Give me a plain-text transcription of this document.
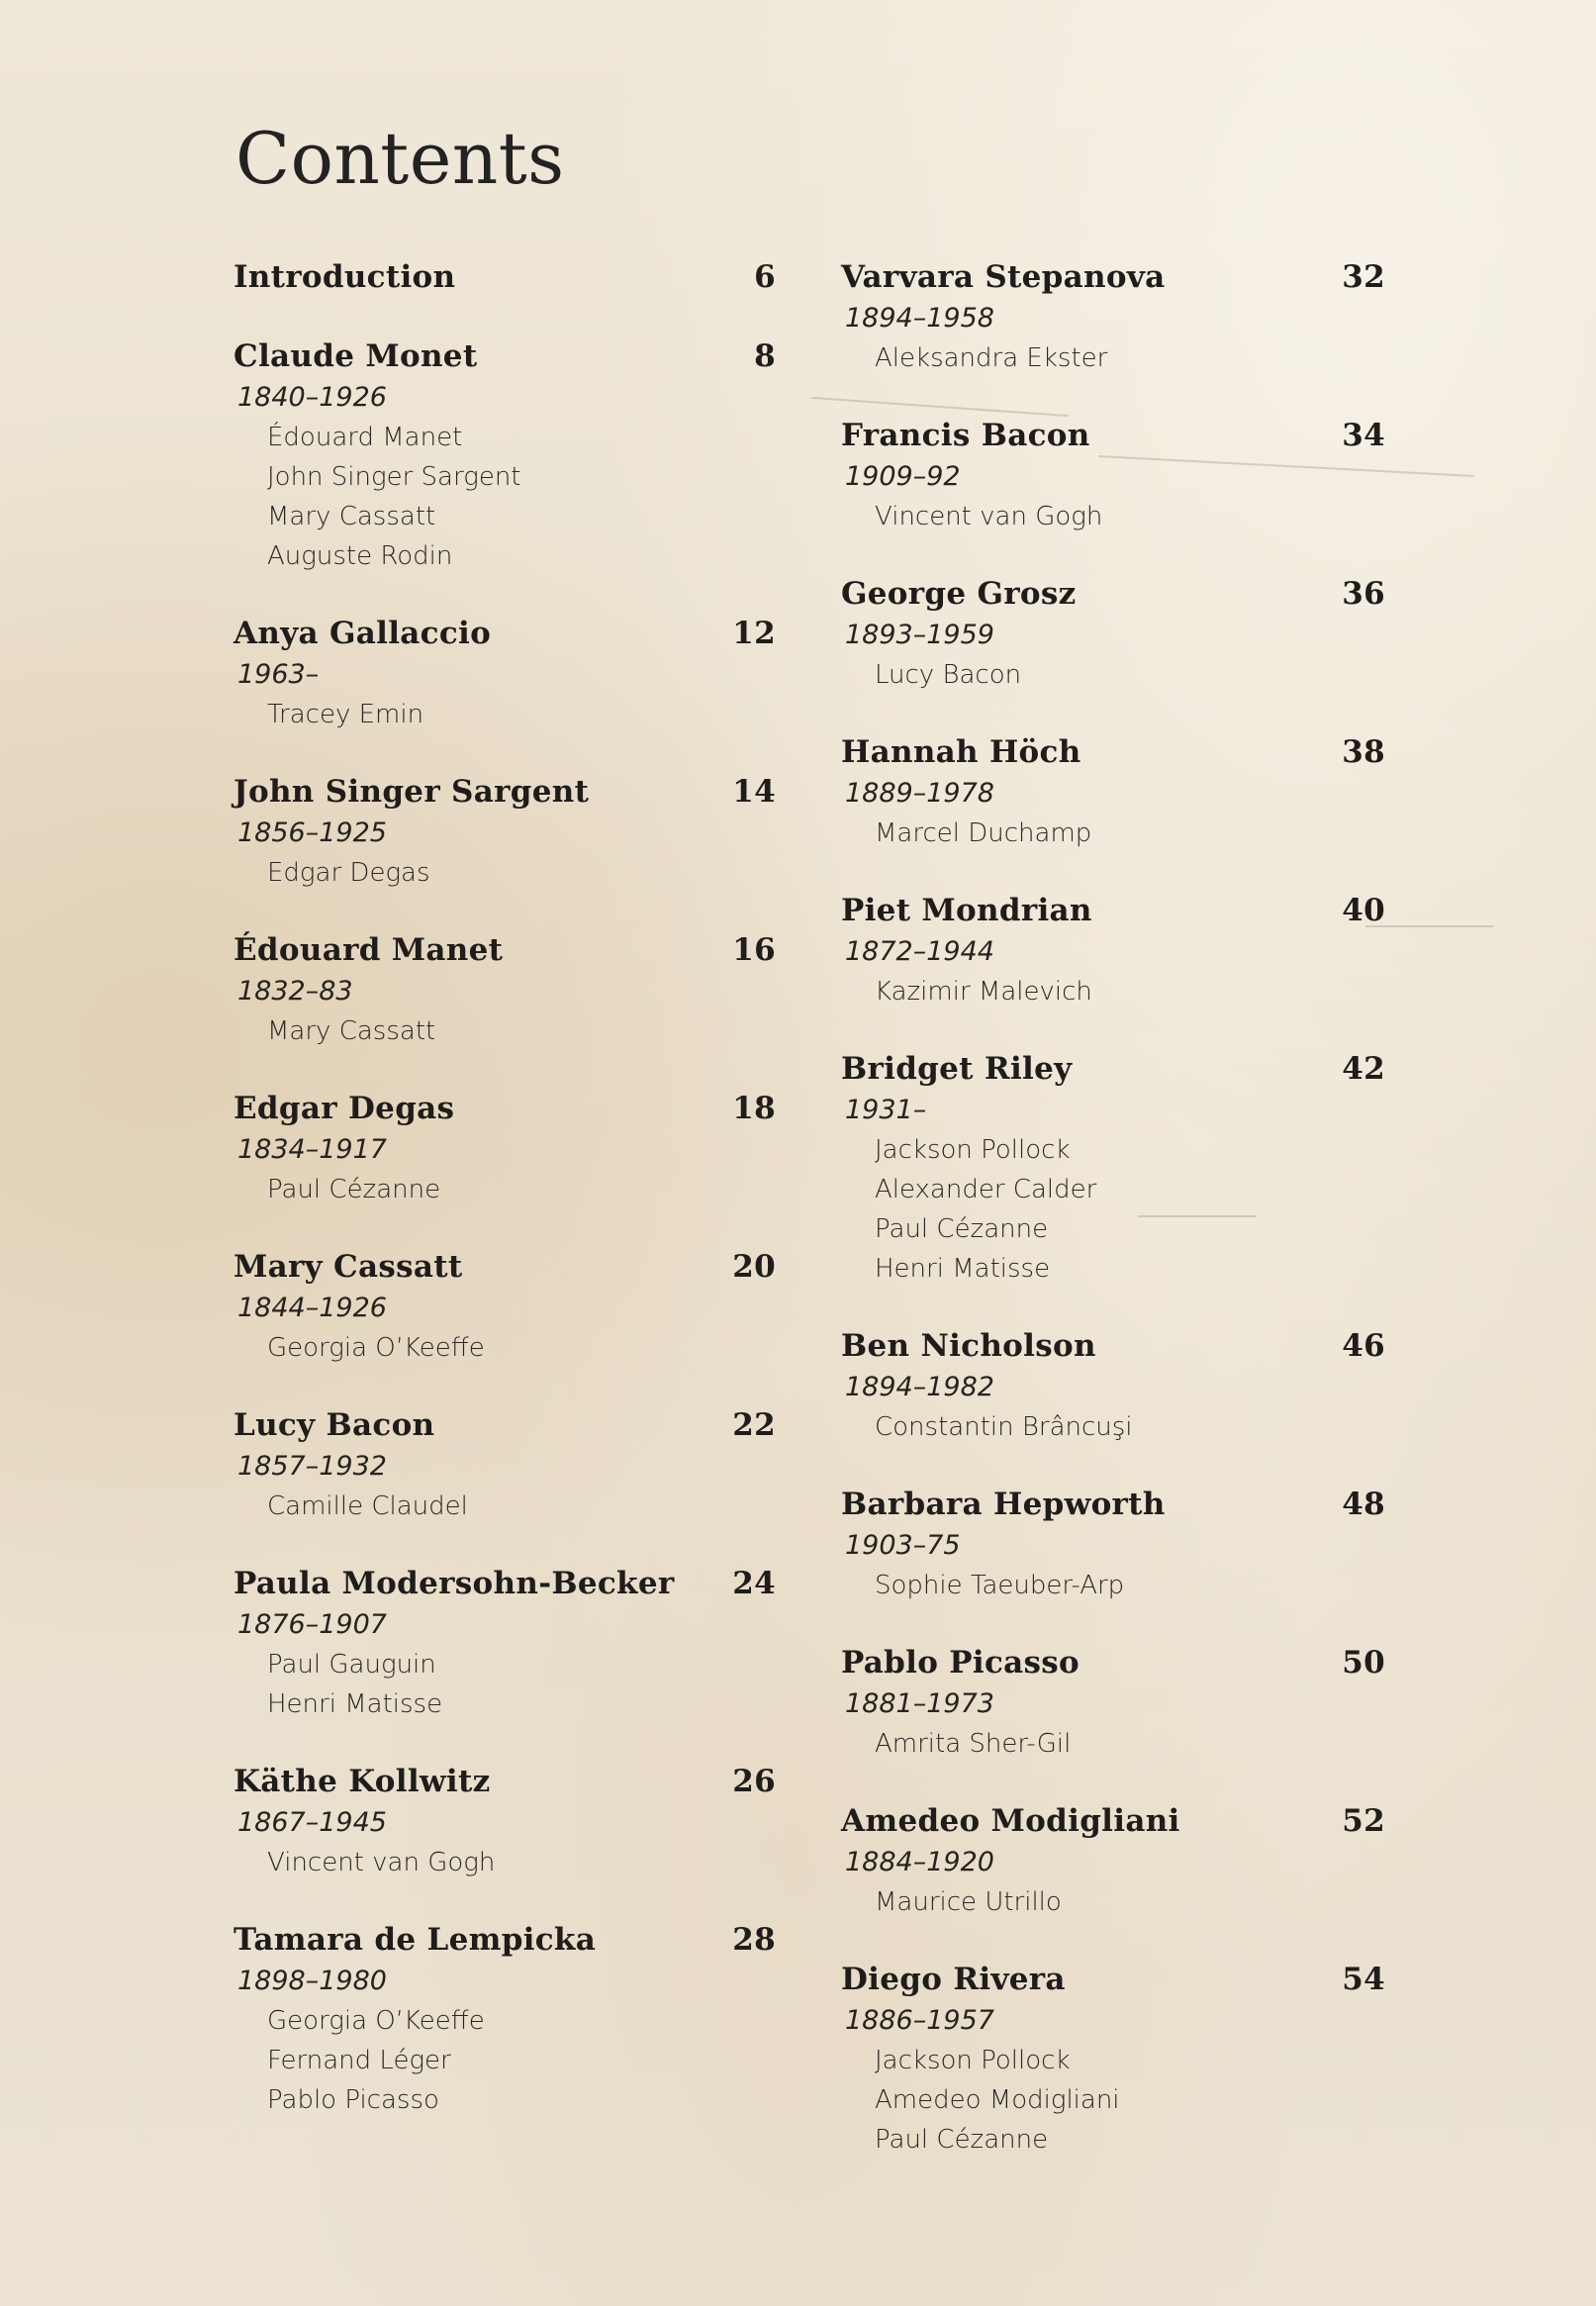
Contents
Introduction	6
Claude Monet	8
1840–1926
Édouard Manet
John Singer Sargent
Mary Cassatt
Auguste Rodin
Anya Gallaccio	12
1963–
Tracey Emin
John Singer Sargent	14
1856–1925
Edgar Degas
Édouard Manet	16
1832–83
Mary Cassatt
Edgar Degas	18
1834–1917
Paul Cézanne
Mary Cassatt	20
1844–1926
Georgia O’Keeffe
Lucy Bacon	22
1857–1932
Camille Claudel
Paula Modersohn-Becker 24
1876–1907
Paul Gauguin
Henri Matisse
Käthe Kollwitz	26
1867–1945
Vincent van Gogh
Tamara de Lempicka	28
1898–1980
Georgia O’Keeffe
Fernand Léger
Pablo Picasso
Varvara Stepanova	32
1894–1958
Aleksandra Ekster
Francis Bacon	34
1909–92
Vincent van Gogh
George Grosz	36
1893–1959
Lucy Bacon
Hannah Höch	38
1889–1978
Marcel Duchamp
Piet Mondrian	40
1872–1944
Kazimir Malevich
Bridget Riley	42
1931–
Jackson Pollock
Alexander Calder
Paul Cézanne
Henri Matisse
Ben Nicholson	46
1894–1982
Constantin Brâncuşi
Barbara Hepworth	48
1903–75
Sophie Taeuber-Arp
Pablo Picasso	50
1881–1973
Amrita Sher-Gil
Amedeo Modigliani	52
1884–1920
Maurice Utrillo
Diego Rivera	54
1886–1957
Jackson Pollock
Amedeo Modigliani
Paul Cézanne
